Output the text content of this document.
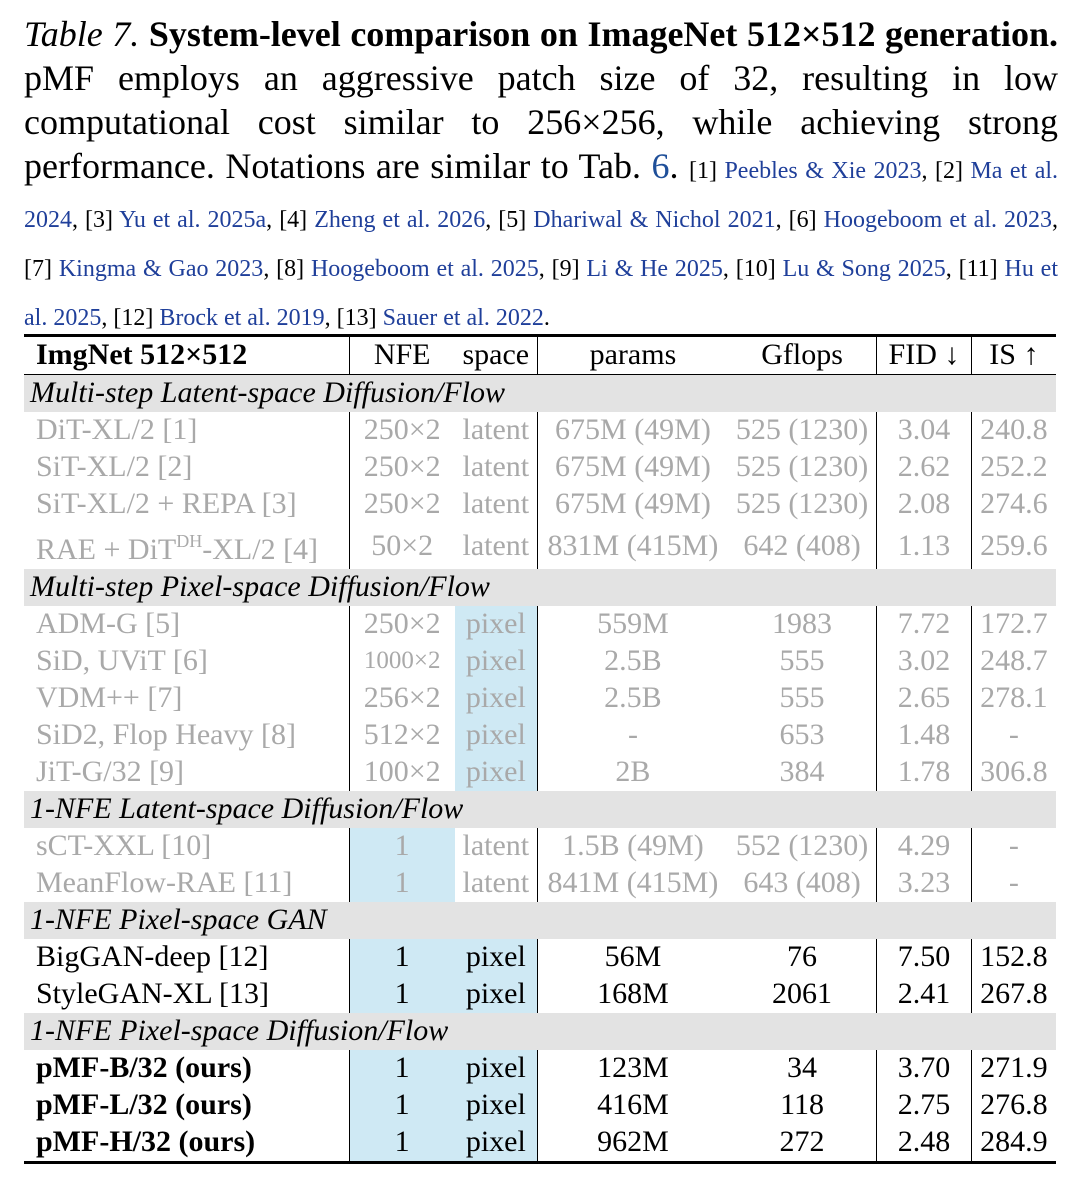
Table 7. System-level comparison on ImageNet 512×512 generation. pMF employs an aggressive patch size of 32, resulting in low computational cost similar to 256×256, while achieving strong performance. Notations are similar to Tab. 6. [1] Peebles & Xie 2023, [2] Ma et al. 2024, [3] Yu et al. 2025a, [4] Zheng et al. 2026, [5] Dhariwal & Nichol 2021, [6] Hoogeboom et al. 2023, [7] Kingma & Gao 2023, [8] Hoogeboom et al. 2025, [9] Li & He 2025, [10] Lu & Song 2025, [11] Hu et al. 2025, [12] Brock et al. 2019, [13] Sauer et al. 2022.
ImgNet 512×512	NFE	space	params	Gflops	FID ↓	IS ↑
Multi-step Latent-space Diffusion/Flow						
DiT-XL/2 [1]	250×2	latent	675M (49M)	525 (1230)	3.04	240.8
SiT-XL/2 [2]	250×2	latent	675M (49M)	525 (1230)	2.62	252.2
SiT-XL/2 + REPA [3]	250×2	latent	675M (49M)	525 (1230)	2.08	274.6
RAE + DiT$^{DH}$-XL/2 [4]	50×2	latent	831M (415M)	642 (408)	1.13	259.6
Multi-step Pixel-space Diffusion/Flow						
ADM-G [5]	250×2	pixel	559M	1983	7.72	172.7
SiD, UViT [6]	1000×2	pixel	2.5B	555	3.02	248.7
VDM++ [7]	256×2	pixel	2.5B	555	2.65	278.1
SiD2, Flop Heavy [8]	512×2	pixel	-	653	1.48	-
JiT-G/32 [9]	100×2	pixel	2B	384	1.78	306.8
1-NFE Latent-space Diffusion/Flow						
sCT-XXL [10]	1	latent	1.5B (49M)	552 (1230)	4.29	-
MeanFlow-RAE [11]	1	latent	841M (415M)	643 (408)	3.23	-
1-NFE Pixel-space GAN						
BigGAN-deep [12]	1	pixel	56M	76	7.50	152.8
StyleGAN-XL [13]	1	pixel	168M	2061	2.41	267.8
1-NFE Pixel-space Diffusion/Flow						
pMF-B/32 (ours)	1	pixel	123M	34	3.70	271.9
pMF-L/32 (ours)	1	pixel	416M	118	2.75	276.8
pMF-H/32 (ours)	1	pixel	962M	272	2.48	284.9
